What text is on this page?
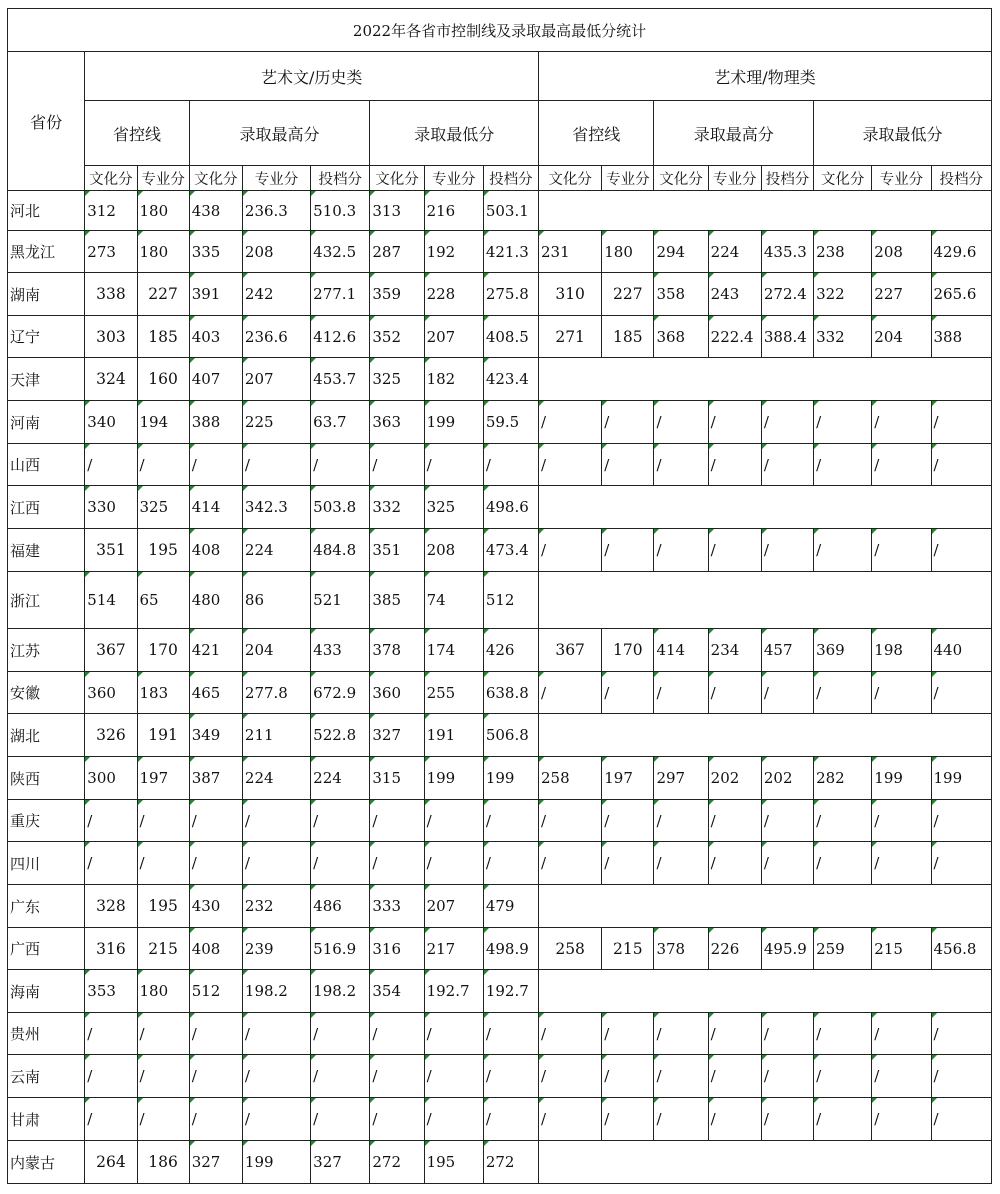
2022年各省市控制线及录取最高最低分统计																
省份	艺术文/历史类								艺术理/物理类							
	省控线		录取最高分			录取最低分			省控线		录取最高分			录取最低分		
	文化分	专业分	文化分	专业分	投档分	文化分	专业分	投档分	文化分	专业分	文化分	专业分	投档分	文化分	专业分	投档分
河北	312	180	438	236.3	510.3	313	216	503.1								
黑龙江	273	180	335	208	432.5	287	192	421.3	231	180	294	224	435.3	238	208	429.6
湖南	338	227	391	242	277.1	359	228	275.8	310	227	358	243	272.4	322	227	265.6
辽宁	303	185	403	236.6	412.6	352	207	408.5	271	185	368	222.4	388.4	332	204	388
天津	324	160	407	207	453.7	325	182	423.4								
河南	340	194	388	225	63.7	363	199	59.5	/	/	/	/	/	/	/	/
山西	/	/	/	/	/	/	/	/	/	/	/	/	/	/	/	/
江西	330	325	414	342.3	503.8	332	325	498.6								
福建	351	195	408	224	484.8	351	208	473.4	/	/	/	/	/	/	/	/
浙江	514	65	480	86	521	385	74	512								
江苏	367	170	421	204	433	378	174	426	367	170	414	234	457	369	198	440
安徽	360	183	465	277.8	672.9	360	255	638.8	/	/	/	/	/	/	/	/
湖北	326	191	349	211	522.8	327	191	506.8								
陕西	300	197	387	224	224	315	199	199	258	197	297	202	202	282	199	199
重庆	/	/	/	/	/	/	/	/	/	/	/	/	/	/	/	/
四川	/	/	/	/	/	/	/	/	/	/	/	/	/	/	/	/
广东	328	195	430	232	486	333	207	479								
广西	316	215	408	239	516.9	316	217	498.9	258	215	378	226	495.9	259	215	456.8
海南	353	180	512	198.2	198.2	354	192.7	192.7								
贵州	/	/	/	/	/	/	/	/	/	/	/	/	/	/	/	/
云南	/	/	/	/	/	/	/	/	/	/	/	/	/	/	/	/
甘肃	/	/	/	/	/	/	/	/	/	/	/	/	/	/	/	/
内蒙古	264	186	327	199	327	272	195	272								
